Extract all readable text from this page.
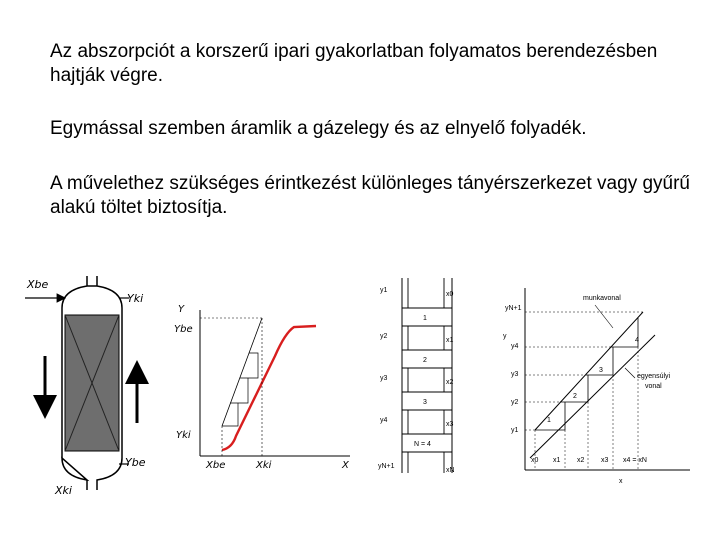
Az abszorpciót a korszerű ipari gyakorlatban folyamatos berendezésben hajtják végre.

Egymással szemben áramlik a gázelegy és az elnyelő folyadék.

A művelethez szükséges érintkezést különleges tányérszerkezet vagy gyűrű alakú töltet biztosítja.

Xbe
Yki
Ybe
Xki
Y
Ybe
Yki
Xbe	Xki	X
y1
y2
y3
y4
yN+1
x0
x1
x2
x3
xN
1
2
3
N = 4
yN+1
y
y4
y3
y2
y1
x0 x1 x2 x3 x4 = xN
x
1
2
3
4
munkavonal
egyensúlyi
vonal
